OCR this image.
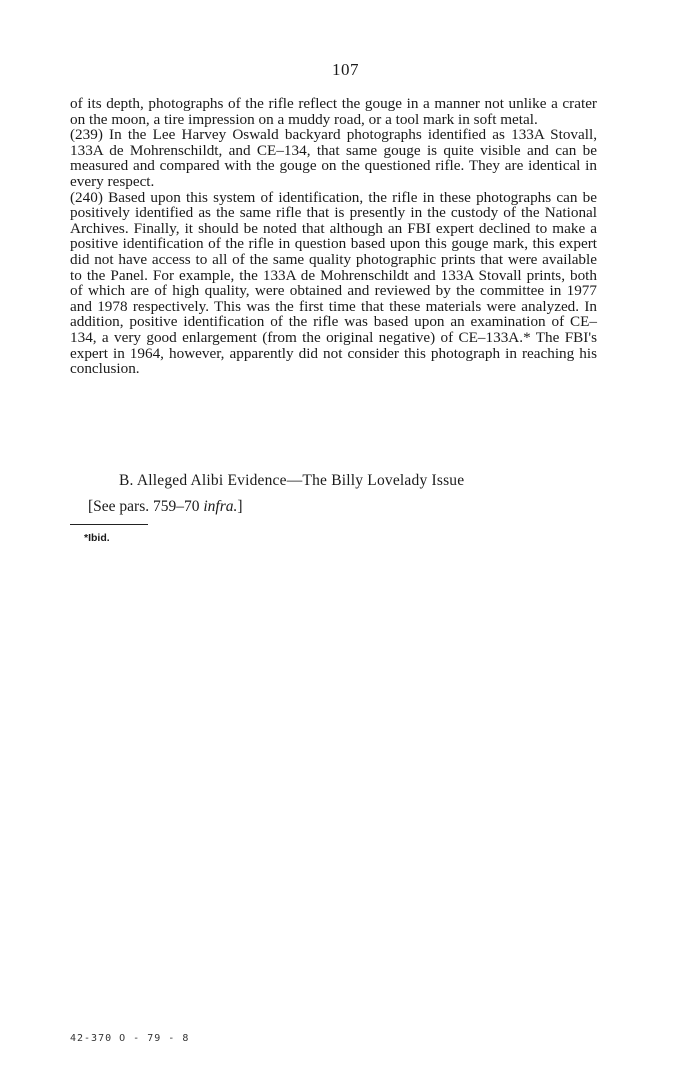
107

of its depth, photographs of the rifle reflect the gouge in a manner not unlike a crater on the moon, a tire impression on a muddy road, or a tool mark in soft metal.

(239) In the Lee Harvey Oswald backyard photographs identified as 133A Stovall, 133A de Mohrenschildt, and CE–134, that same gouge is quite visible and can be measured and compared with the gouge on the questioned rifle. They are identical in every respect.

(240) Based upon this system of identification, the rifle in these photographs can be positively identified as the same rifle that is presently in the custody of the National Archives. Finally, it should be noted that although an FBI expert declined to make a positive identification of the rifle in question based upon this gouge mark, this expert did not have access to all of the same quality photographic prints that were available to the Panel. For example, the 133A de Mohrenschildt and 133A Stovall prints, both of which are of high quality, were obtained and reviewed by the committee in 1977 and 1978 respectively. This was the first time that these materials were analyzed. In addition, positive identification of the rifle was based upon an examination of CE–134, a very good enlargement (from the original negative) of CE–133A.* The FBI's expert in 1964, however, apparently did not consider this photograph in reaching his conclusion.

B. Alleged Alibi Evidence—The Billy Lovelady Issue
[See pars. 759–70 infra.]
*Ibid.
42-370 O - 79 - 8
